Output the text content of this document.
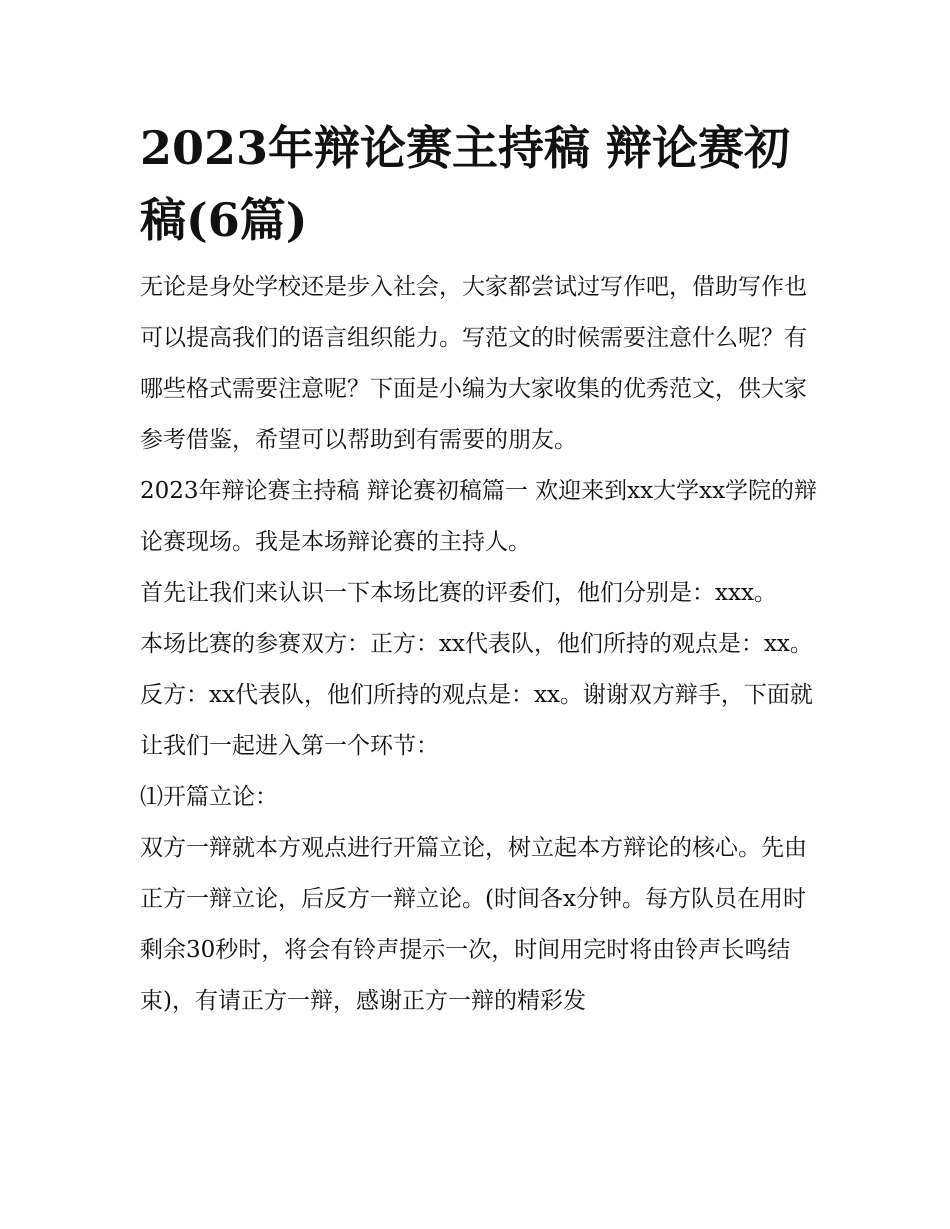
2023年辩论赛主持稿 辩论赛初稿(6篇)

无论是身处学校还是步入社会，大家都尝试过写作吧，借助写作也可以提高我们的语言组织能力。写范文的时候需要注意什么呢？有哪些格式需要注意呢？下面是小编为大家收集的优秀范文，供大家参考借鉴，希望可以帮助到有需要的朋友。

2023年辩论赛主持稿 辩论赛初稿篇一 欢迎来到xx大学xx学院的辩论赛现场。我是本场辩论赛的主持人。

首先让我们来认识一下本场比赛的评委们，他们分别是：xxx。

本场比赛的参赛双方：正方：xx代表队，他们所持的观点是：xx。反方：xx代表队，他们所持的观点是：xx。谢谢双方辩手，下面就让我们一起进入第一个环节：

⑴开篇立论：

双方一辩就本方观点进行开篇立论，树立起本方辩论的核心。先由正方一辩立论，后反方一辩立论。(时间各x分钟。每方队员在用时剩余30秒时，将会有铃声提示一次，时间用完时将由铃声长鸣结束)，有请正方一辩，感谢正方一辩的精彩发
